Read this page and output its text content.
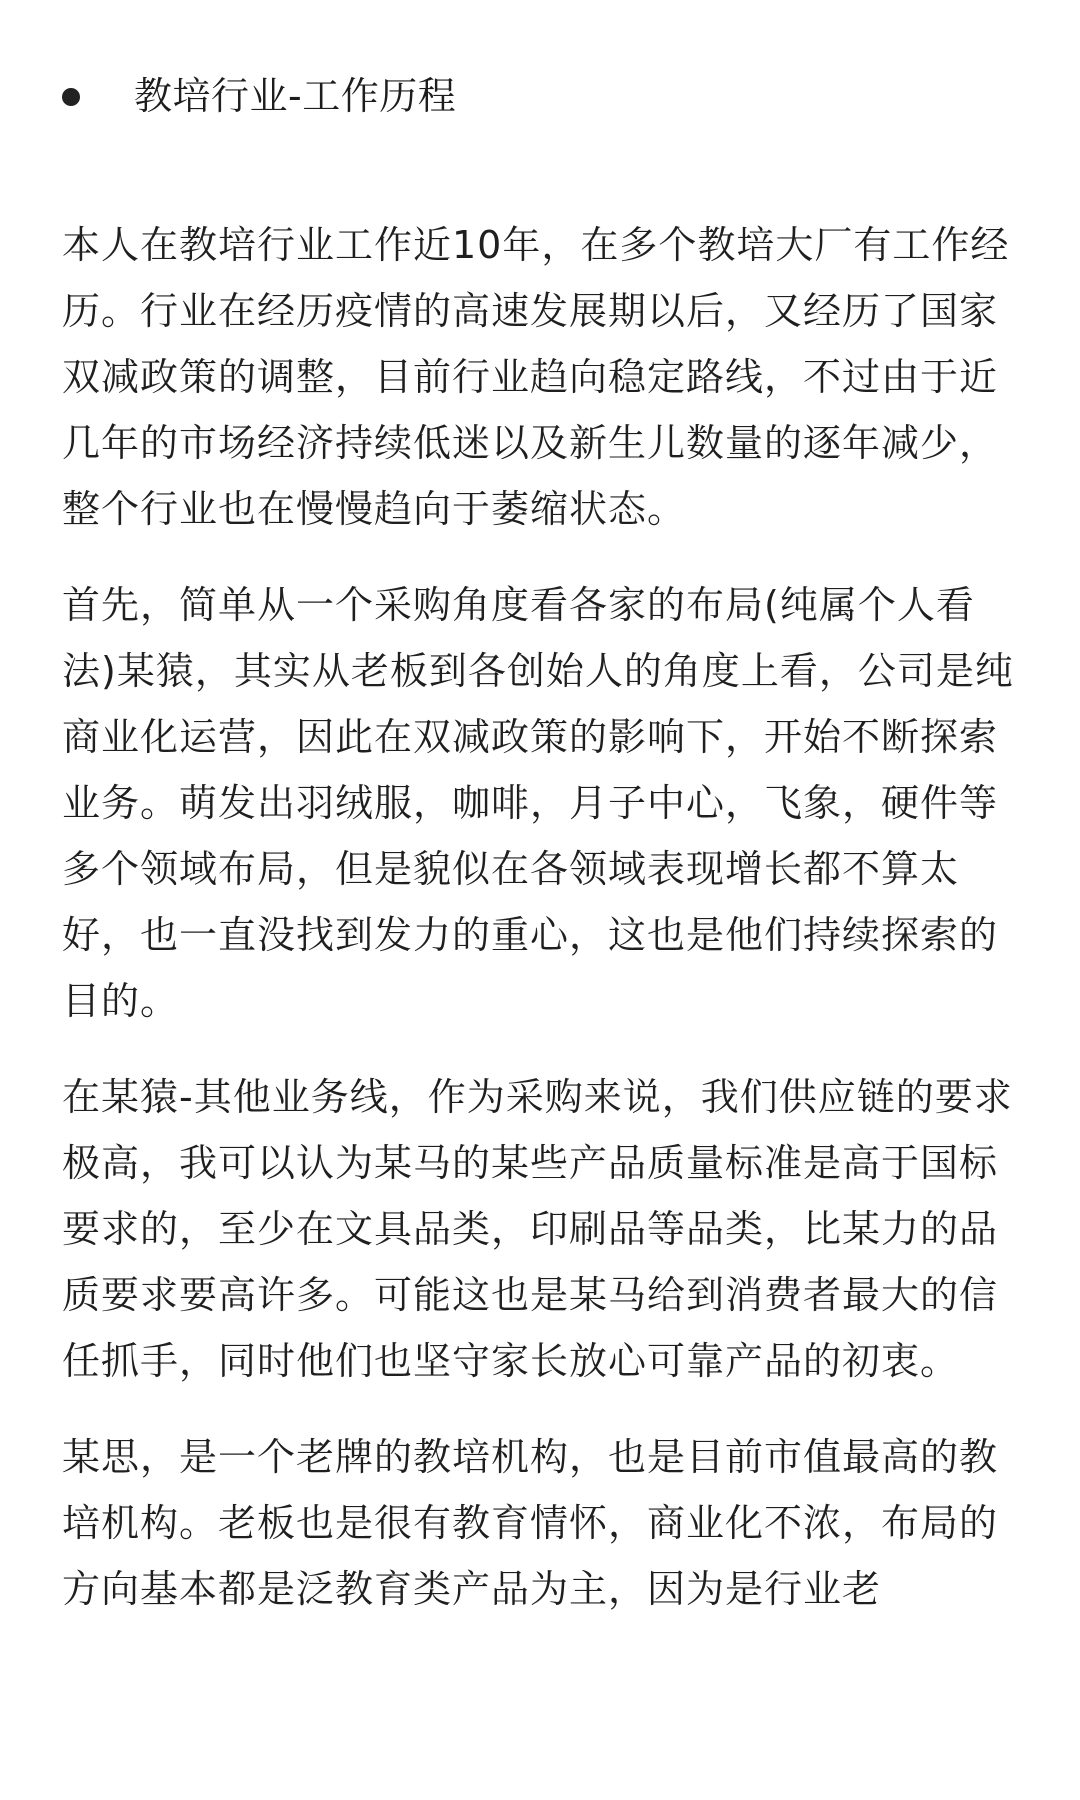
教培行业-工作历程

本人在教培行业工作近10年，在多个教培大厂有工作经历。行业在经历疫情的高速发展期以后，又经历了国家双减政策的调整，目前行业趋向稳定路线，不过由于近几年的市场经济持续低迷以及新生儿数量的逐年减少，整个行业也在慢慢趋向于萎缩状态。

首先，简单从一个采购角度看各家的布局(纯属个人看法)某猿，其实从老板到各创始人的角度上看，公司是纯商业化运营，因此在双减政策的影响下，开始不断探索业务。萌发出羽绒服，咖啡，月子中心，飞象，硬件等多个领域布局，但是貌似在各领域表现增长都不算太好，也一直没找到发力的重心，这也是他们持续探索的目的。

在某猿-其他业务线，作为采购来说，我们供应链的要求极高，我可以认为某马的某些产品质量标准是高于国标要求的，至少在文具品类，印刷品等品类，比某力的品质要求要高许多。可能这也是某马给到消费者最大的信任抓手，同时他们也坚守家长放心可靠产品的初衷。

某思，是一个老牌的教培机构，也是目前市值最高的教培机构。老板也是很有教育情怀，商业化不浓，布局的方向基本都是泛教育类产品为主，因为是行业老
